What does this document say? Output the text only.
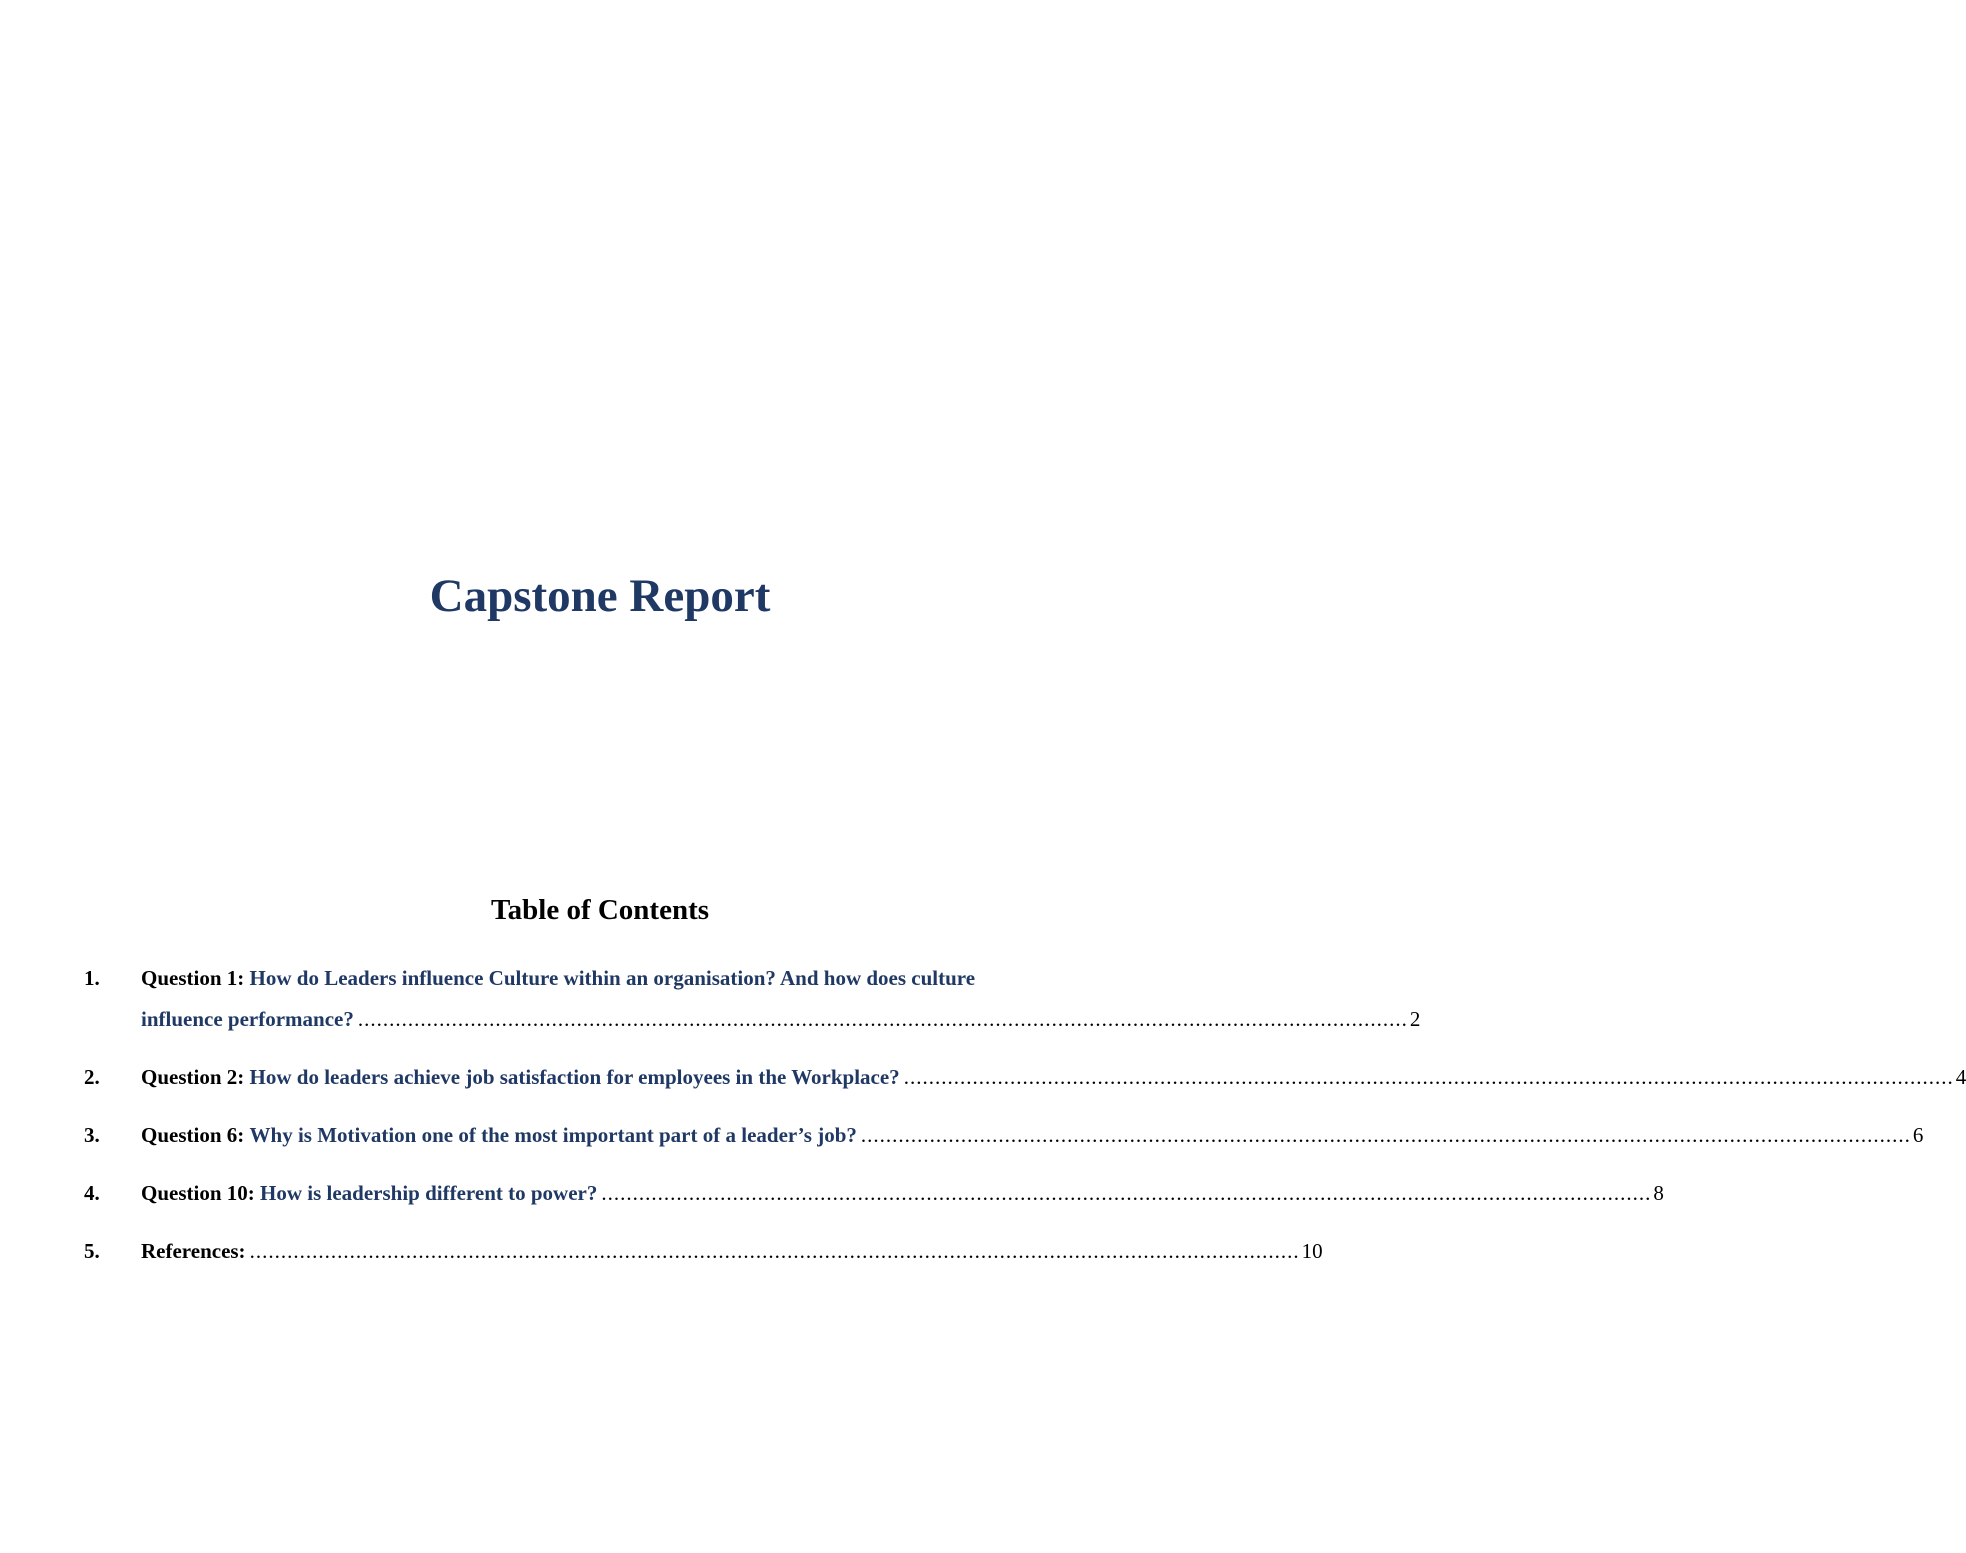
Capstone Report
Table of Contents
1. Question 1:
How do Leaders influence Culture within an organisation? And how does culture
influence performance? ........................................................................................................................................................................ 2
2. Question 2:
How do leaders achieve job satisfaction for employees in the Workplace? ........................................................................................................................................................................ 4
3. Question 6:
Why is Motivation one of the most important part of a leader’s job? ........................................................................................................................................................................ 6
4. Question 10:
How is leadership different to power? ........................................................................................................................................................................ 8
5. References: ........................................................................................................................................................................ 10
